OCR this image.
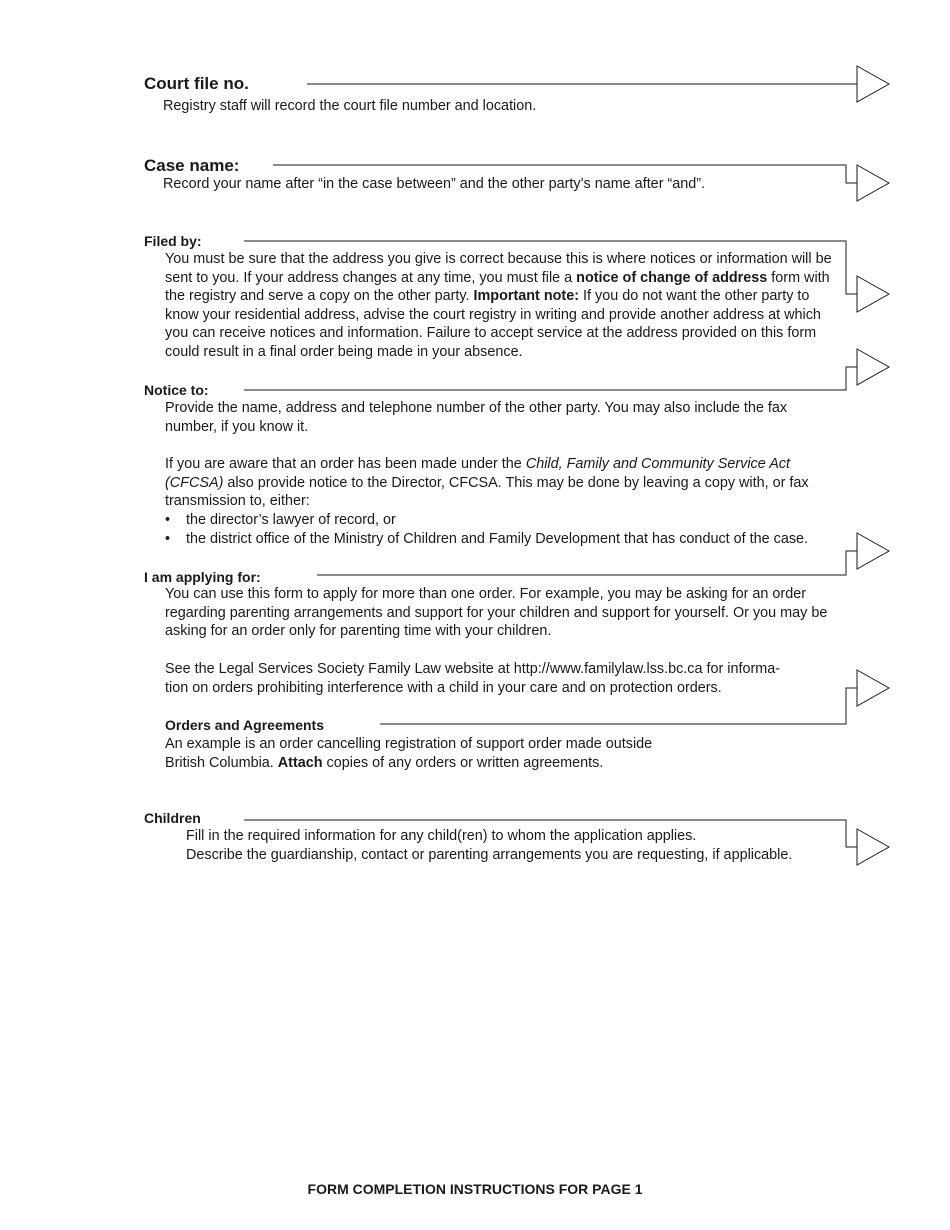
Court file no.
Registry staff will record the court file number and location.
Case name:
Record your name after “in the case between” and the other party’s name after “and”.
Filed by:
You must be sure that the address you give is correct because this is where notices or information will be sent to you. If your address changes at any time, you must file a notice of change of address form with the registry and serve a copy on the other party. Important note: If you do not want the other party to know your residential address, advise the court registry in writing and provide another address at which you can receive notices and information. Failure to accept service at the address provided on this form could result in a final order being made in your absence.
Notice to:
Provide the name, address and telephone number of the other party. You may also include the fax number, if you know it.
If you are aware that an order has been made under the Child, Family and Community Service Act (CFCSA) also provide notice to the Director, CFCSA. This may be done by leaving a copy with, or fax transmission to, either:
• the director’s lawyer of record, or
• the district office of the Ministry of Children and Family Development that has conduct of the case.
I am applying for:
You can use this form to apply for more than one order. For example, you may be asking for an order regarding parenting arrangements and support for your children and support for yourself. Or you may be asking for an order only for parenting time with your children.
See the Legal Services Society Family Law website at http://www.familylaw.lss.bc.ca for informa-
tion on orders prohibiting interference with a child in your care and on protection orders.
Orders and Agreements
An example is an order cancelling registration of support order made outside
British Columbia. Attach copies of any orders or written agreements.
Children
Fill in the required information for any child(ren) to whom the application applies.
Describe the guardianship, contact or parenting arrangements you are requesting, if applicable.
FORM COMPLETION INSTRUCTIONS FOR PAGE 1
